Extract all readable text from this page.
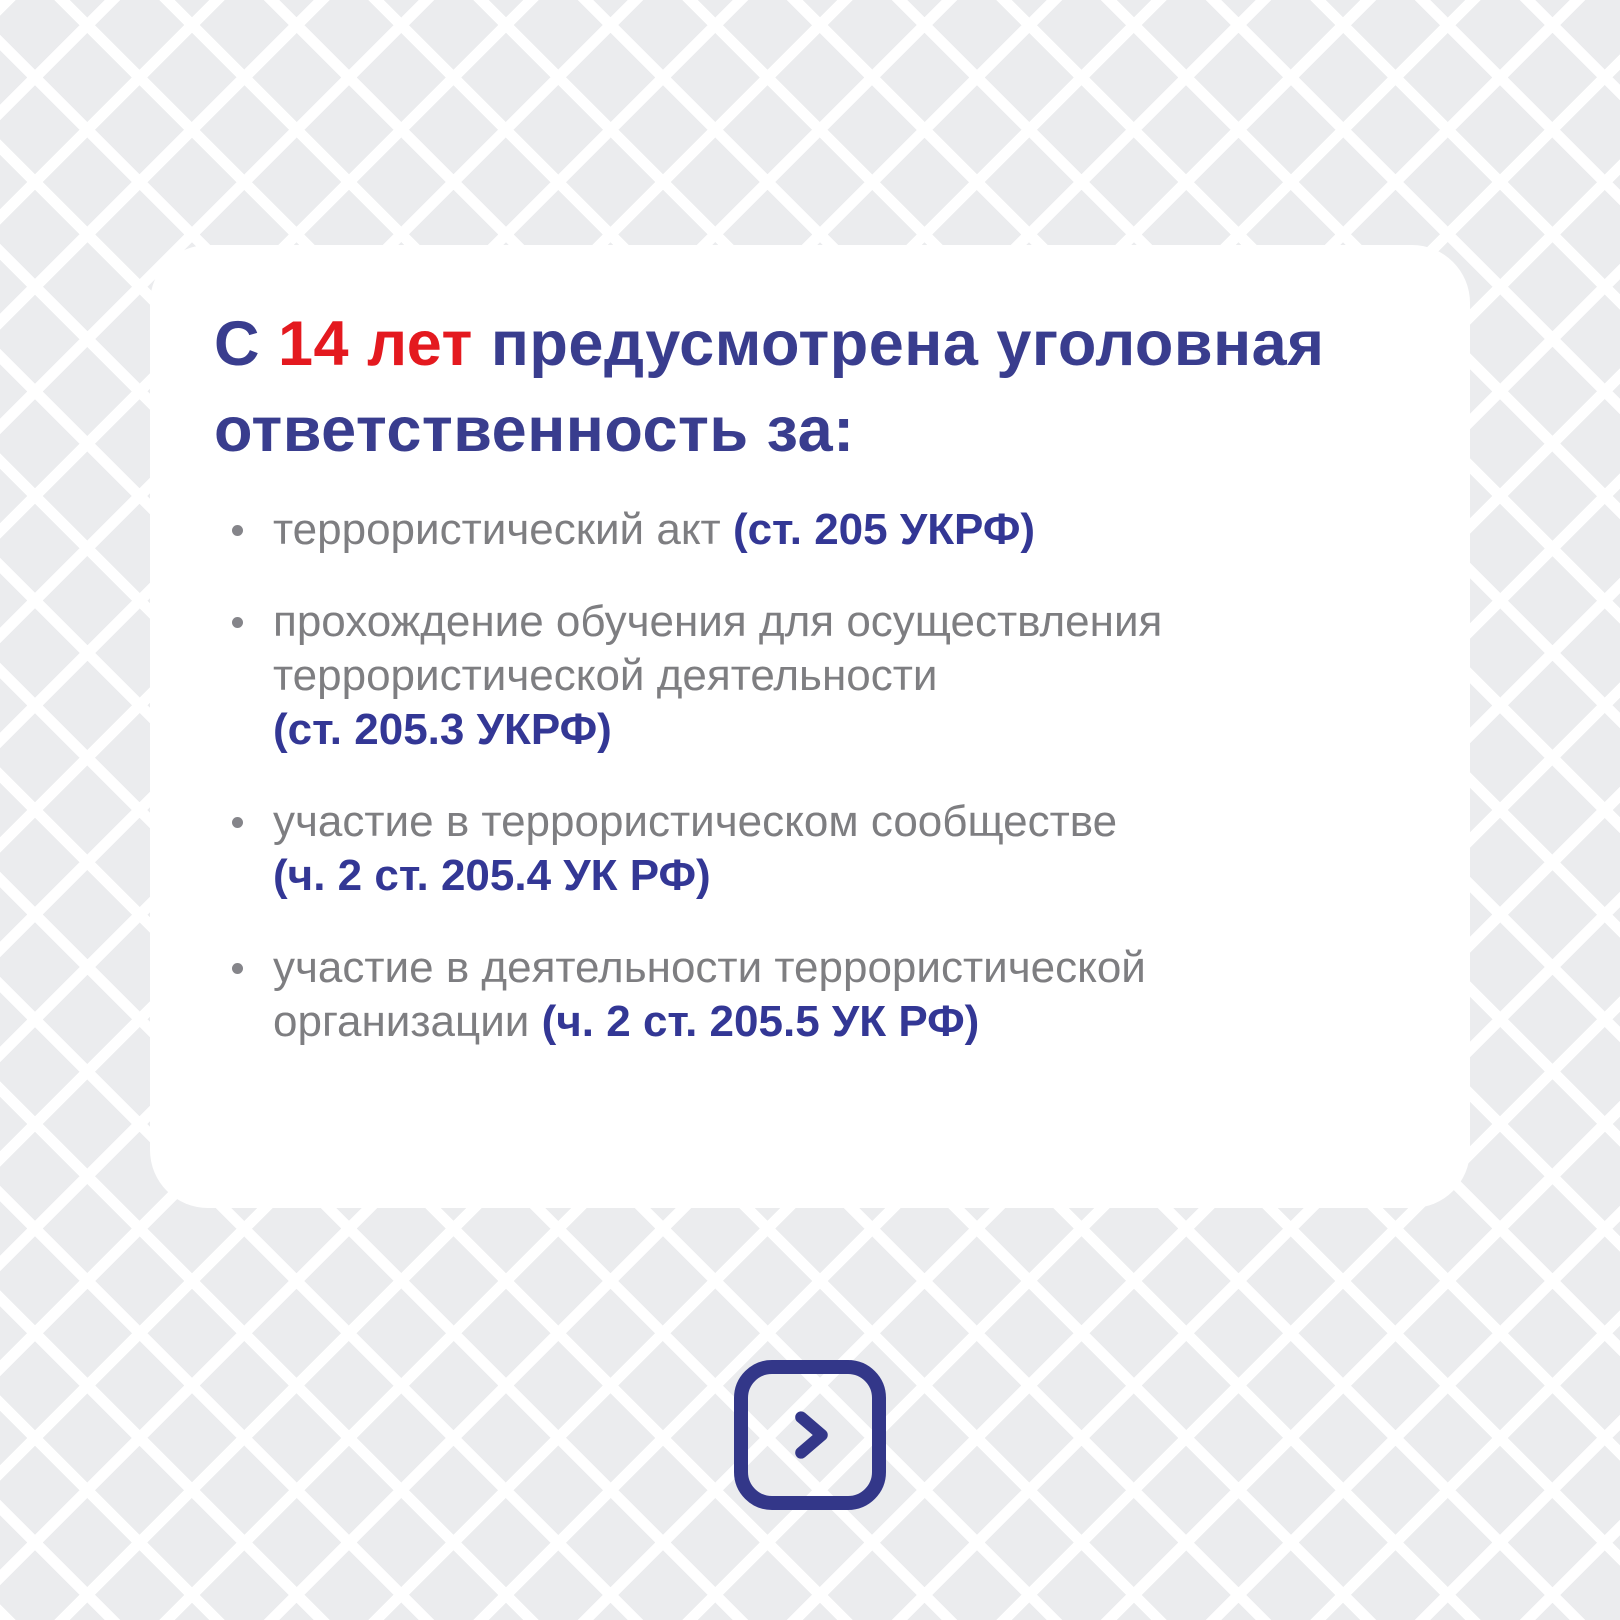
С 14 лет предусмотрена уголовная
ответственность за:

террористический акт (ст. 205 УКРФ)

прохождение обучения для осуществления террористической деятельности
(ст. 205.3 УКРФ)

участие в террористическом сообществе
(ч. 2 ст. 205.4 УК РФ)

участие в деятельности террористической организации (ч. 2 ст. 205.5 УК РФ)
